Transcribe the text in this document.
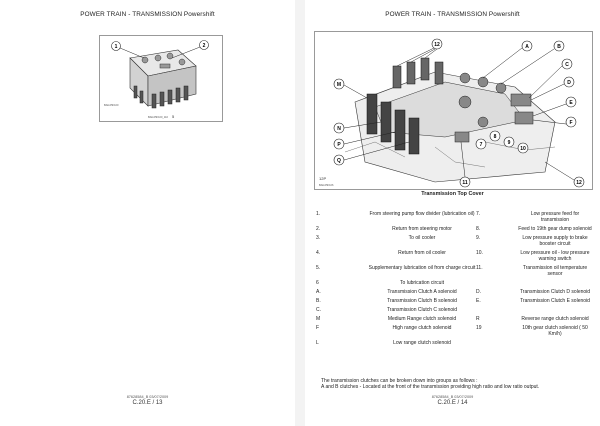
POWER TRAIN - TRANSMISSION Powershift
1	2
BAIL05F100
BAIL05F100_110 5
87628584_B 03/07/2009
C.20.E / 13
POWER TRAIN - TRANSMISSION Powershift
M
N
P
Q
A	B
C
D
E
F
12
7
8
9
10
11	12
12P
BAIL05F106
Transmission Top Cover
1.	From steering pump flow divider (lubrication oil)	7.	Low pressure feed for transmission
2.	Return from steering motor	8.	Feed to 19th gear dump solenoid
3.	To oil cooler	9.	Low pressure supply to brake booster circuit
4.	Return from oil cooler	10.	Low pressure oil - low pressure warning switch
5.	Supplementary lubrication oil from charge circuit	11.	Transmission oil temperature sensor
6	To lubrication circuit		
A.	Transmission Clutch A solenoid	D.	Transmission Clutch D solenoid
B.	Transmission Clutch B solenoid	E.	Transmission Clutch E solenoid
C.	Transmission Clutch C solenoid		
M	Medium Range clutch solenoid	R	Reverse range clutch solenoid
F	High range clutch solenoid	19	10th gear clutch solenoid ( 50 Km/h)
L	Low range clutch solenoid		
The transmission clutches can be broken down into groups as follows :
A and B clutches - Located at the front of the transmission providing high ratio and low ratio output.
87628584_B 03/07/2009
C.20.E / 14
